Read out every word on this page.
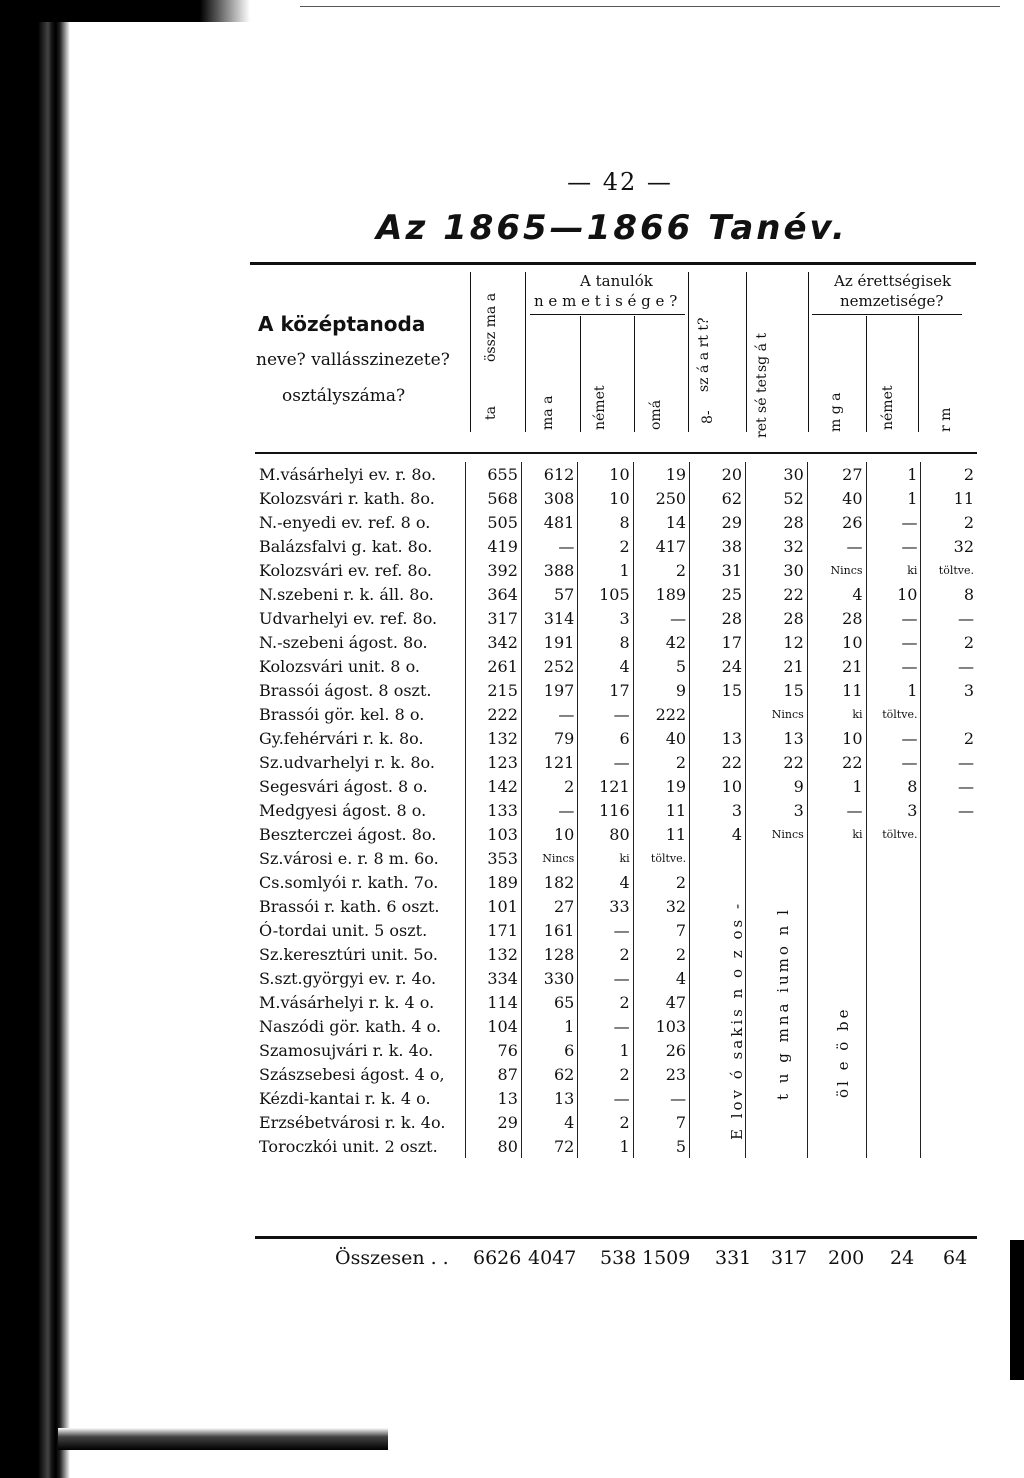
— 42 —
Az 1865—1866 Tanév.
A középtanoda
neve? vallásszinezete?
osztályszáma?
össz ma a
ta
A tanulók
n e m e t i s é g e ?
ma a	német	omá
sz á a rt t?
8-
sg á t
ret sé tet
Az érettségisek
nemzetisége?
m g a	német	r m
M.vásárhelyi ev. r. 8o.	655	612	10	19	20	30	27	1	2
Kolozsvári r. kath. 8o.	568	308	10	250	62	52	40	1	11
N.-enyedi ev. ref. 8 o.	505	481	8	14	29	28	26	—	2
Balázsfalvi g. kat. 8o.	419	—	2	417	38	32	—	—	32
Kolozsvári ev. ref. 8o.	392	388	1	2	31	30	Nincs	ki	töltve.
N.szebeni r. k. áll. 8o.	364	57	105	189	25	22	4	10	8
Udvarhelyi ev. ref. 8o.	317	314	3	—	28	28	28	—	—
N.-szebeni ágost. 8o.	342	191	8	42	17	12	10	—	2
Kolozsvári unit. 8 o.	261	252	4	5	24	21	21	—	—
Brassói ágost. 8 oszt.	215	197	17	9	15	15	11	1	3
Brassói gör. kel. 8 o.	222	—	—	222		Nincs	ki	töltve.	
Gy.fehérvári r. k. 8o.	132	79	6	40	13	13	10	—	2
Sz.udvarhelyi r. k. 8o.	123	121	—	2	22	22	22	—	—
Segesvári ágost. 8 o.	142	2	121	19	10	9	1	8	—
Medgyesi ágost. 8 o.	133	—	116	11	3	3	—	3	—
Beszterczei ágost. 8o.	103	10	80	11	4	Nincs	ki	töltve.	
Sz.városi e. r. 8 m. 6o.	353	Nincs	ki	töltve.					
Cs.somlyói r. kath. 7o.	189	182	4	2					
Brassói r. kath. 6 oszt.	101	27	33	32					
Ó-tordai unit. 5 oszt.	171	161	—	7					
Sz.keresztúri unit. 5o.	132	128	2	2					
S.szt.györgyi ev. r. 4o.	334	330	—	4					
M.vásárhelyi r. k. 4 o.	114	65	2	47					
Naszódi gör. kath. 4 o.	104	1	—	103					
Szamosujvári r. k. 4o.	76	6	1	26					
Szászsebesi ágost. 4 o,	87	62	2	23					
Kézdi-kantai r. k. 4 o.	13	13	—	—					
Erzsébetvárosi r. k. 4o.	29	4	2	7					
Toroczkói unit. 2 oszt.	80	72	1	5					
E lov ó sakis n o z os - t u g mna iumo n l	öl e ö be
Összesen . . 6626 4047 538 1509 331 317 200 24 64
